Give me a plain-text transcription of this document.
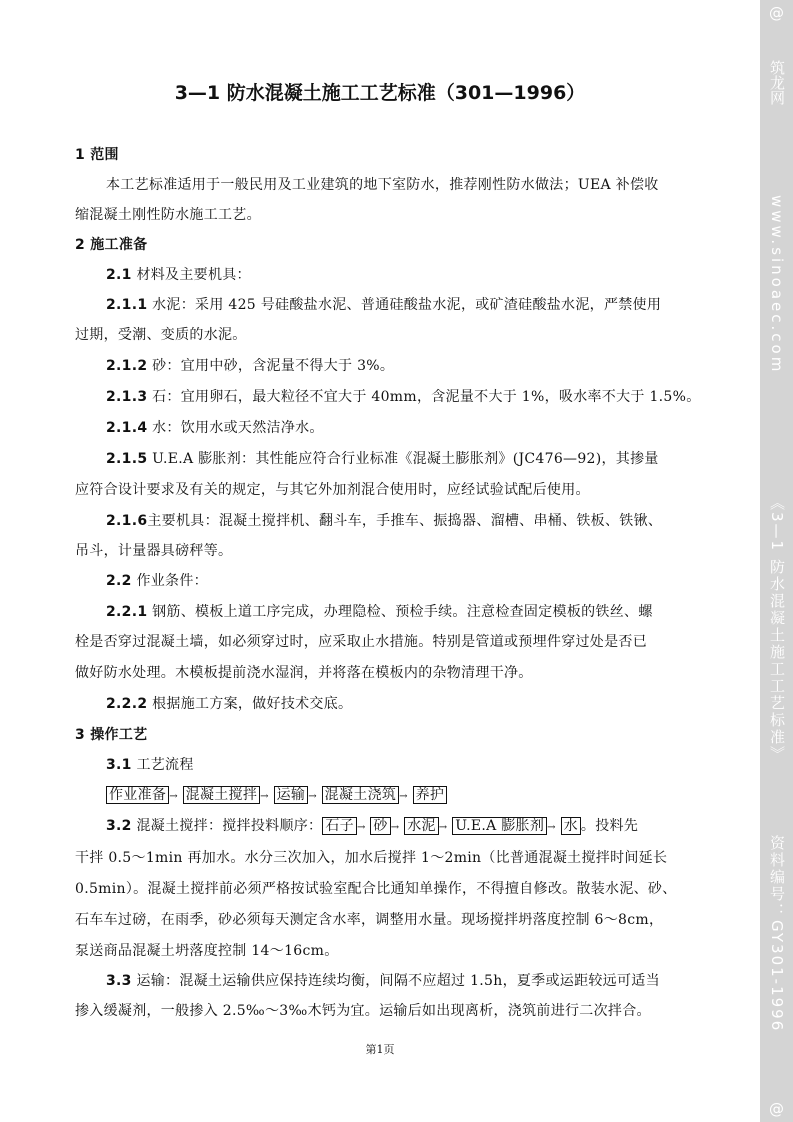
3—1 防水混凝土施工工艺标准（301—1996）
1 范围
本工艺标准适用于一般民用及工业建筑的地下室防水，推荐刚性防水做法；UEA 补偿收
缩混凝土刚性防水施工工艺。
2 施工准备
2.1 材料及主要机具：
2.1.1 水泥：采用 425 号硅酸盐水泥、普通硅酸盐水泥，或矿渣硅酸盐水泥，严禁使用
过期，受潮、变质的水泥。
2.1.2 砂：宜用中砂，含泥量不得大于 3%。
2.1.3 石：宜用卵石，最大粒径不宜大于 40mm，含泥量不大于 1%，吸水率不大于 1.5%。
2.1.4 水：饮用水或天然洁净水。
2.1.5 U.E.A 膨胀剂：其性能应符合行业标准《混凝土膨胀剂》(JC476—92)，其掺量
应符合设计要求及有关的规定，与其它外加剂混合使用时，应经试验试配后使用。
2.1.6主要机具：混凝土搅拌机、翻斗车，手推车、振捣器、溜槽、串桶、铁板、铁锹、
吊斗，计量器具磅秤等。
2.2 作业条件：
2.2.1 钢筋、模板上道工序完成，办理隐检、预检手续。注意检查固定模板的铁丝、螺
栓是否穿过混凝土墙，如必须穿过时，应采取止水措施。特别是管道或预埋件穿过处是否已
做好防水处理。木模板提前浇水湿润，并将落在模板内的杂物清理干净。
2.2.2 根据施工方案，做好技术交底。
3 操作工艺
3.1 工艺流程
作业准备 → 混凝土搅拌 → 运输 → 混凝土浇筑 → 养护
3.2 混凝土搅拌：搅拌投料顺序： 石子 → 砂 → 水泥 → U.E.A 膨胀剂 → 水 。投料先
干拌 0.5～1min 再加水。水分三次加入，加水后搅拌 1～2min（比普通混凝土搅拌时间延长
0.5min）。混凝土搅拌前必须严格按试验室配合比通知单操作，不得擅自修改。散装水泥、砂、
石车车过磅，在雨季，砂必须每天测定含水率，调整用水量。现场搅拌坍落度控制 6～8cm，
泵送商品混凝土坍落度控制 14～16cm。
3.3 运输：混凝土运输供应保持连续均衡，间隔不应超过 1.5h，夏季或运距较远可适当
掺入缓凝剂，一般掺入 2.5‰～3‰木钙为宜。运输后如出现离析，浇筑前进行二次拌合。
第1页
@
筑龙网
www.sinoaec.com
《3—1 防水混凝土施工工艺标准》
资料编号：GY301-1996
@
